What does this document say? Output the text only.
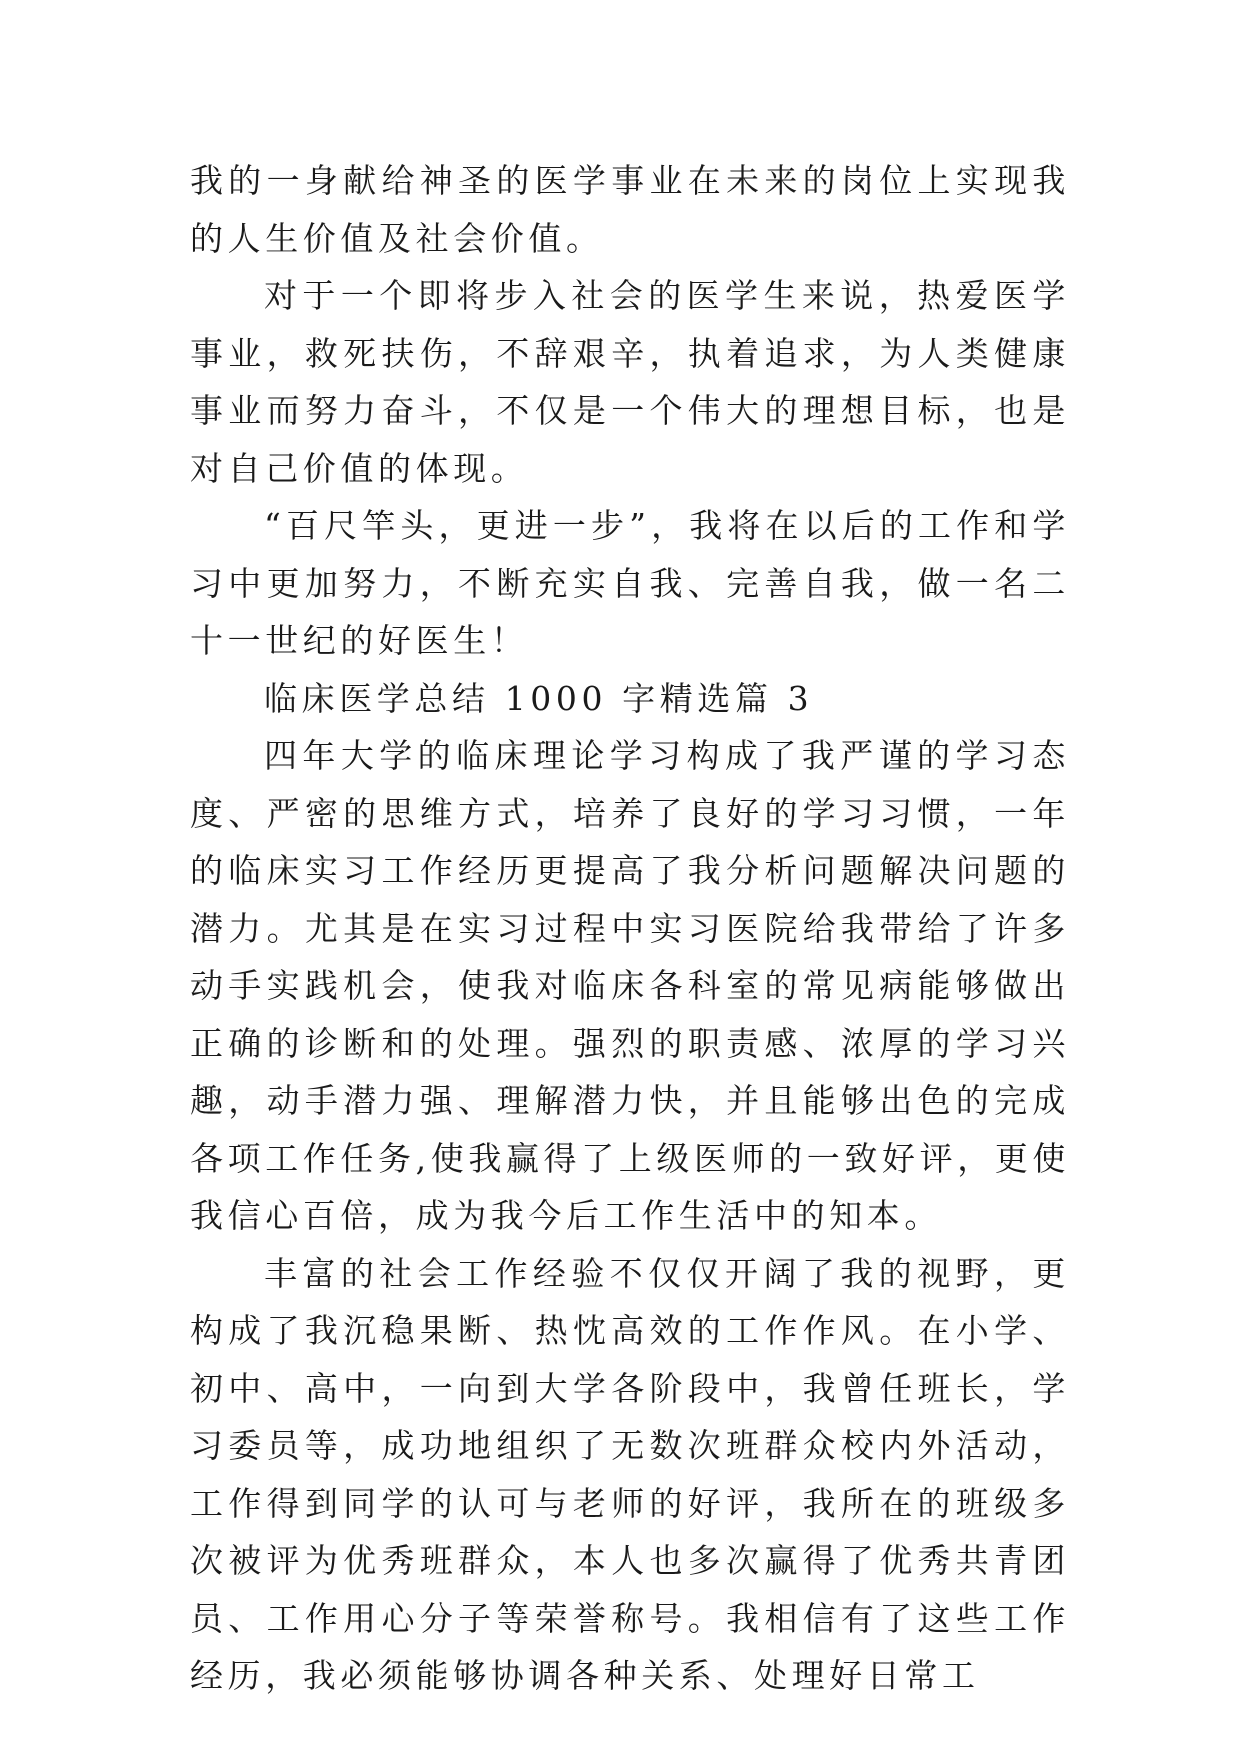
我的一身献给神圣的医学事业在未来的岗位上实现我的人生价值及社会价值。

对于一个即将步入社会的医学生来说，热爱医学事业，救死扶伤，不辞艰辛，执着追求，为人类健康事业而努力奋斗，不仅是一个伟大的理想目标，也是对自己价值的体现。

“百尺竿头，更进一步”，我将在以后的工作和学习中更加努力，不断充实自我、完善自我，做一名二十一世纪的好医生！

临床医学总结 1000 字精选篇 3

四年大学的临床理论学习构成了我严谨的学习态度、严密的思维方式，培养了良好的学习习惯，一年的临床实习工作经历更提高了我分析问题解决问题的潜力。尤其是在实习过程中实习医院给我带给了许多动手实践机会，使我对临床各科室的常见病能够做出正确的诊断和的处理。强烈的职责感、浓厚的学习兴趣，动手潜力强、理解潜力快，并且能够出色的完成各项工作任务,使我赢得了上级医师的一致好评，更使我信心百倍，成为我今后工作生活中的知本。

丰富的社会工作经验不仅仅开阔了我的视野，更构成了我沉稳果断、热忱高效的工作作风。在小学、初中、高中，一向到大学各阶段中，我曾任班长，学习委员等，成功地组织了无数次班群众校内外活动，工作得到同学的认可与老师的好评，我所在的班级多次被评为优秀班群众，本人也多次赢得了优秀共青团员、工作用心分子等荣誉称号。我相信有了这些工作经历，我必须能够协调各种关系、处理好日常工
